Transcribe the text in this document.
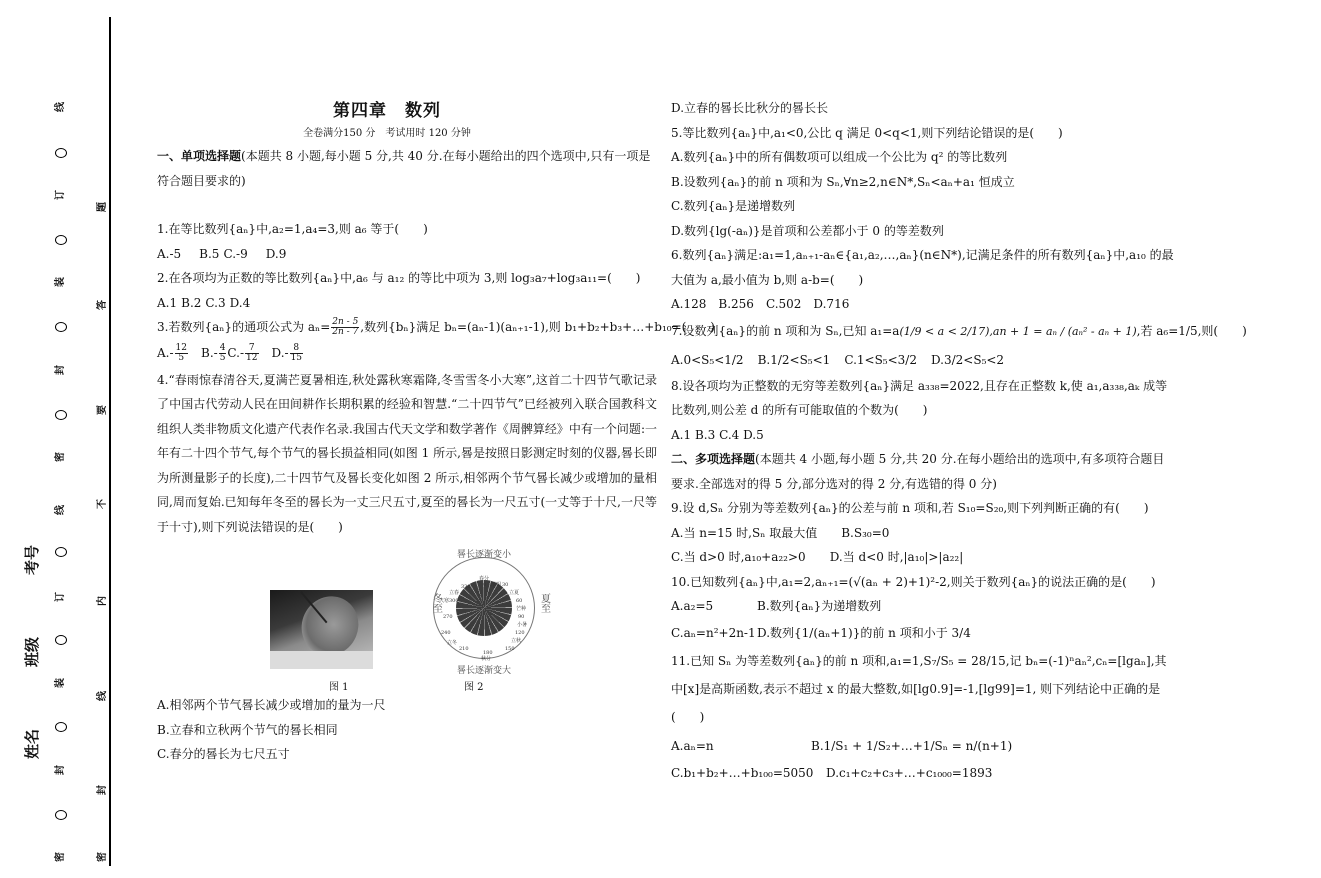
线
订
装
封
密
线
订
装
封
密
题
答
要
不
内
线
封
密
考号
班级
姓名
第四章　数列
全卷满分150 分　考试用时 120 分钟
一、单项选择题(本题共 8 小题,每小题 5 分,共 40 分.在每小题给出的四个选项中,只有一项是符合题目要求的)
1.在等比数列{aₙ}中,a₂=1,a₄=3,则 a₆ 等于(　　)
A.-5 B.5 C.-9 D.9
2.在各项均为正数的等比数列{aₙ}中,a₆ 与 a₁₂ 的等比中项为 3,则 log₃a₇+log₃a₁₁=(　　)
A.1 B.2 C.3 D.4
3.若数列{aₙ}的通项公式为 $a_n= \frac{2n - 5}{2n - 7}$ ,数列{bₙ}满足 bₙ=(aₙ-1)(aₙ₊₁-1),则 b₁+b₂+b₃+…+b₁₀=(　　)
$A.- \frac{12}{5} B.- \frac{4}{5} C.- \frac{7}{12} D.- \frac{8}{15}$
4.“春雨惊春清谷天,夏满芒夏暑相连,秋处露秋寒霜降,冬雪雪冬小大寒”,这首二十四节气歌记录了中国古代劳动人民在田间耕作长期积累的经验和智慧.“二十四节气”已经被列入联合国教科文组织人类非物质文化遗产代表作名录.我国古代天文学和数学著作《周髀算经》中有一个问题:一年有二十四个节气,每个节气的晷长损益相同(如图 1 所示,晷是按照日影测定时刻的仪器,晷长即为所测量影子的长度),二十四节气及晷长变化如图 2 所示,相邻两个节气晷长减少或增加的量相同,周而复始.已知每年冬至的晷长为一丈三尺五寸,夏至的晷长为一尺五寸(一丈等于十尺,一尺等于十寸),则下列说法错误的是(　　)
图 1
晷长逐渐变小
冬至	夏至
春分
0 清明 30
立夏
60
芒种
90
小暑
120
立秋
150
秋分
180
210
立冬
240
270
大寒 300
立春
330
晷长逐渐变大
图 2
A.相邻两个节气晷长减少或增加的量为一尺
B.立春和立秋两个节气的晷长相同
C.春分的晷长为七尺五寸
D.立春的晷长比秋分的晷长长
5.等比数列{aₙ}中,a₁<0,公比 q 满足 0<q<1,则下列结论错误的是(　　)
A.数列{aₙ}中的所有偶数项可以组成一个公比为 q² 的等比数列
B.设数列{aₙ}的前 n 项和为 Sₙ,∀n≥2,n∈N*,Sₙ<aₙ+a₁ 恒成立
C.数列{aₙ}是递增数列
D.数列{lg(-aₙ)}是首项和公差都小于 0 的等差数列
6.数列{aₙ}满足:a₁=1,aₙ₊₁-aₙ∈{a₁,a₂,…,aₙ}(n∈N*),记满足条件的所有数列{aₙ}中,a₁₀ 的最大值为 a,最小值为 b,则 a-b=(　　)
A.128 B.256 C.502 D.716
7.设数列{aₙ}的前 n 项和为 Sₙ,已知 a₁=a(1/9 < a < 2/17),an + 1 = aₙ / (aₙ² - aₙ + 1),若 a₆=1/5,则(　　)
A.0<S₅<1/2 B.1/2<S₅<1 C.1<S₅<3/2 D.3/2<S₅<2
8.设各项均为正整数的无穷等差数列{aₙ}满足 a₃₃₈=2022,且存在正整数 k,使 a₁,a₃₃₈,aₖ 成等比数列,则公差 d 的所有可能取值的个数为(　　)
A.1 B.3 C.4 D.5
二、多项选择题(本题共 4 小题,每小题 5 分,共 20 分.在每小题给出的选项中,有多项符合题目要求.全部选对的得 5 分,部分选对的得 2 分,有选错的得 0 分)
9.设 d,Sₙ 分别为等差数列{aₙ}的公差与前 n 项和,若 S₁₀=S₂₀,则下列判断正确的有(　　)
A.当 n=15 时,Sₙ 取最大值 B.S₃₀=0
C.当 d>0 时,a₁₀+a₂₂>0 D.当 d<0 时,|a₁₀|>|a₂₂|
10.已知数列{aₙ}中,a₁=2,aₙ₊₁=(√(aₙ + 2)+1)²-2,则关于数列{aₙ}的说法正确的是(　　)
A.a₂=5	B.数列{aₙ}为递增数列
C.aₙ=n²+2n-1D.数列{1/(aₙ+1)}的前 n 项和小于 3/4
11.已知 Sₙ 为等差数列{aₙ}的前 n 项和,a₁=1,S₇/S₅ = 28/15,记 bₙ=(-1)ⁿaₙ²,cₙ=[lgaₙ],其中[x]是高斯函数,表示不超过 x 的最大整数,如[lg0.9]=-1,[lg99]=1, 则下列结论中正确的是(　　)
A.aₙ=n	B.1/S₁ + 1/S₂+…+1/Sₙ = n/(n+1)
C.b₁+b₂+…+b₁₀₀=5050 D.c₁+c₂+c₃+…+c₁₀₀₀=1893
